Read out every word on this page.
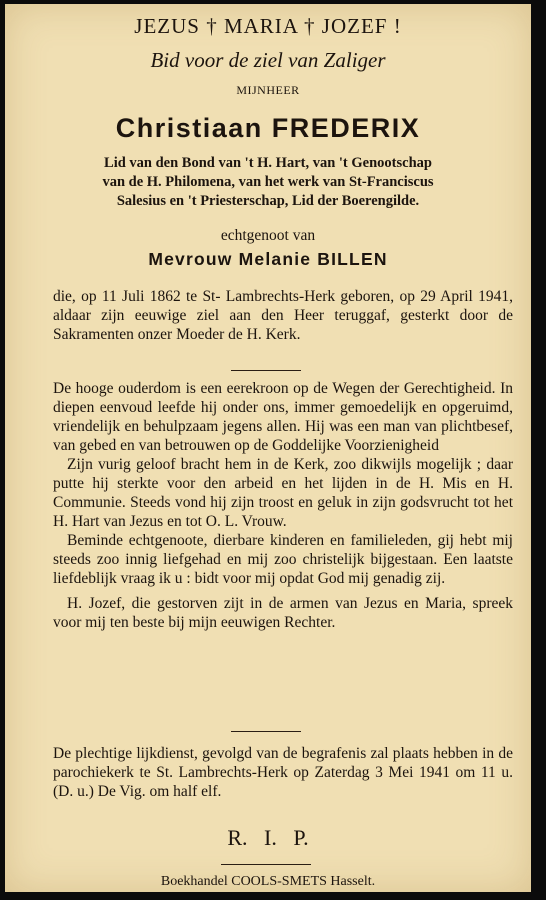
JEZUS † MARIA † JOZEF !
Bid voor de ziel van Zaliger
MIJNHEER
Christiaan FREDERIX
Lid van den Bond van 't H. Hart, van 't Genootschap
van de H. Philomena, van het werk van St-Franciscus
Salesius en 't Priesterschap, Lid der Boerengilde.
echtgenoot van
Mevrouw Melanie BILLEN

die, op 11 Juli 1862 te St- Lambrechts-Herk geboren, op 29 April 1941, aldaar zijn eeuwige ziel aan den Heer teruggaf, gesterkt door de Sakramenten onzer Moeder de H. Kerk.

De hooge ouderdom is een eerekroon op de Wegen der Gerechtigheid. In diepen eenvoud leefde hij onder ons, immer gemoedelijk en opgeruimd, vriendelijk en behulpzaam jegens allen. Hij was een man van plichtbesef, van gebed en van betrouwen op de Goddelijke Voorzienigheid

Zijn vurig geloof bracht hem in de Kerk, zoo dikwijls mogelijk ; daar putte hij sterkte voor den arbeid en het lijden in de H. Mis en H. Communie. Steeds vond hij zijn troost en geluk in zijn godsvrucht tot het H. Hart van Jezus en tot O. L. Vrouw.

Beminde echtgenoote, dierbare kinderen en familieleden, gij hebt mij steeds zoo innig liefgehad en mij zoo christelijk bijgestaan. Een laatste liefdeblijk vraag ik u : bidt voor mij opdat God mij genadig zij.

H. Jozef, die gestorven zijt in de armen van Jezus en Maria, spreek voor mij ten beste bij mijn eeuwigen Rechter.

De plechtige lijkdienst, gevolgd van de begrafenis zal plaats hebben in de parochiekerk te St. Lambrechts-Herk op Zaterdag 3 Mei 1941 om 11 u. (D. u.) De Vig. om half elf.

R.   I.   P.
Boekhandel COOLS-SMETS Hasselt.
